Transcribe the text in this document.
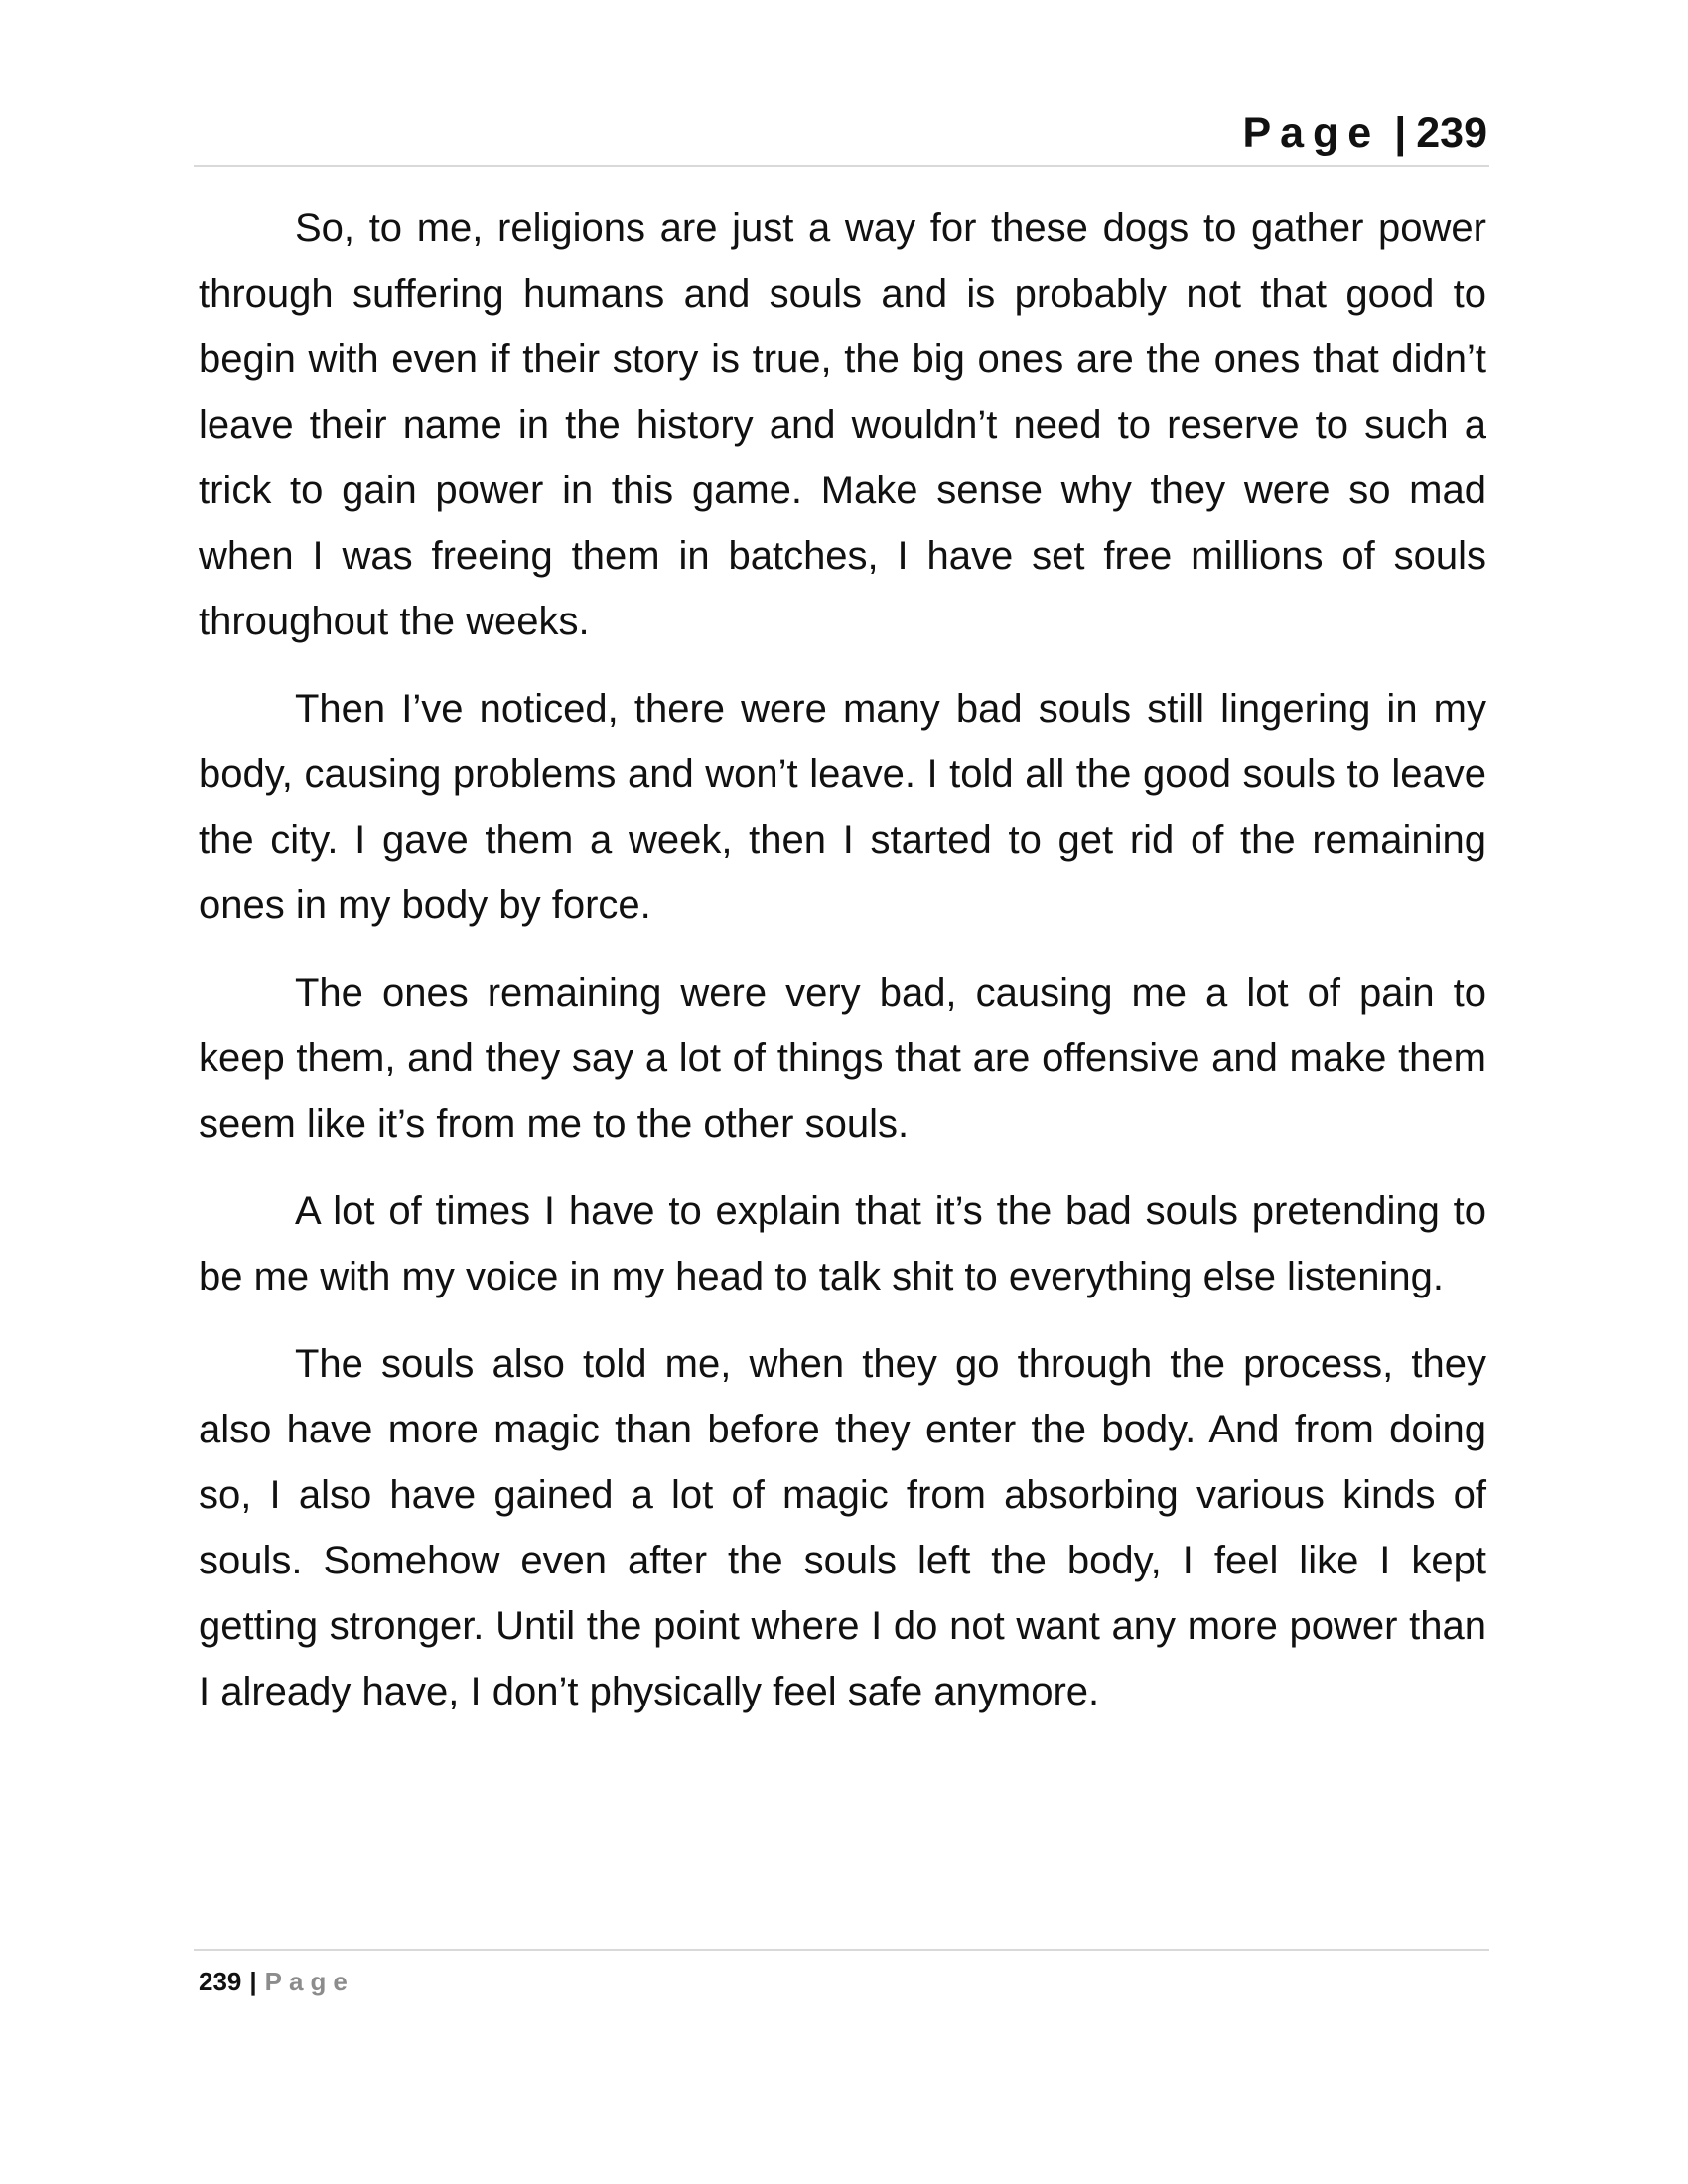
Page | 239

So, to me, religions are just a way for these dogs to gather power through suffering humans and souls and is probably not that good to begin with even if their story is true, the big ones are the ones that didn’t leave their name in the history and wouldn’t need to reserve to such a trick to gain power in this game. Make sense why they were so mad when I was freeing them in batches, I have set free millions of souls throughout the weeks.

Then I’ve noticed, there were many bad souls still lingering in my body, causing problems and won’t leave. I told all the good souls to leave the city. I gave them a week, then I started to get rid of the remaining ones in my body by force.

The ones remaining were very bad, causing me a lot of pain to keep them, and they say a lot of things that are offensive and make them seem like it’s from me to the other souls.

A lot of times I have to explain that it’s the bad souls pretending to be me with my voice in my head to talk shit to everything else listening.

The souls also told me, when they go through the process, they also have more magic than before they enter the body. And from doing so, I also have gained a lot of magic from absorbing various kinds of souls. Somehow even after the souls left the body, I feel like I kept getting stronger. Until the point where I do not want any more power than I already have, I don’t physically feel safe anymore.

239 | Page
